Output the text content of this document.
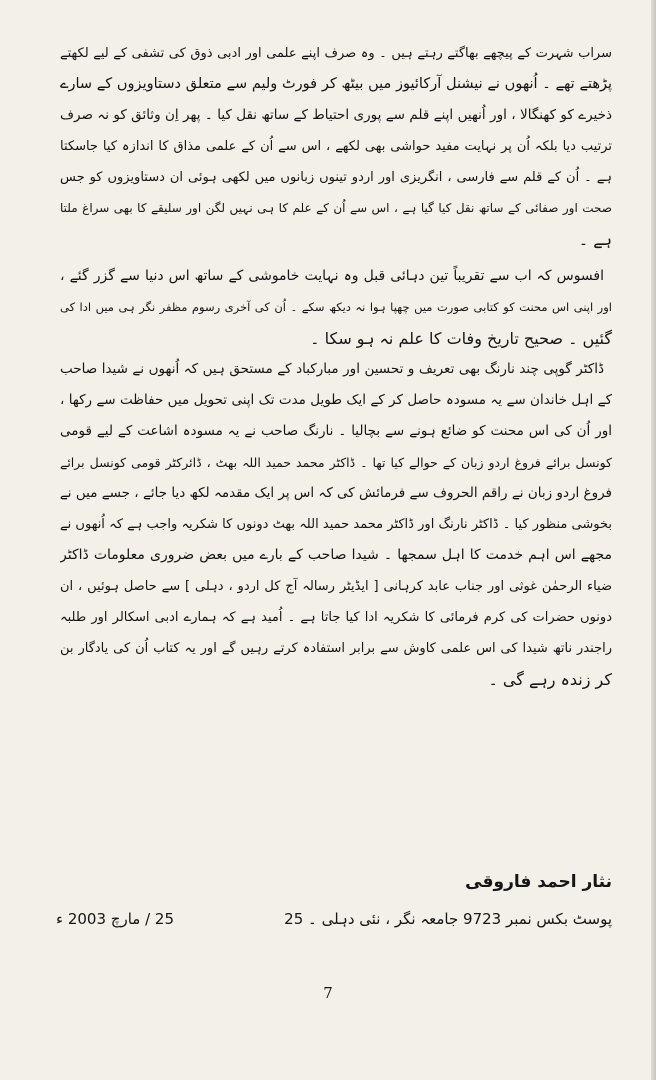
سراب شہرت کے پیچھے بھاگتے رہتے ہیں ۔ وہ صرف اپنے علمی اور ادبی ذوق کی تشفی کے لیے لکھتے
پڑھتے تھے ۔ اُنھوں نے نیشنل آرکائیوز میں بیٹھ کر فورٹ ولیم سے متعلق دستاویزوں کے سارے
ذخیرے کو کھنگالا ، اور اُنھیں اپنے قلم سے پوری احتیاط کے ساتھ نقل کیا ۔ پھر اِن وثائق کو نہ صرف
ترتیب دیا بلکہ اُن پر نہایت مفید حواشی بھی لکھے ، اس سے اُن کے علمی مذاق کا اندازہ کیا جاسکتا
ہے ۔ اُن کے قلم سے فارسی ، انگریزی اور اردو تینوں زبانوں میں لکھی ہوئی ان دستاویزوں کو جس
صحت اور صفائی کے ساتھ نقل کیا گیا ہے ، اس سے اُن کے علم کا ہی نہیں لگن اور سلیقے کا بھی سراغ ملتا
ہے ۔
افسوس کہ اب سے تقریباً تین دہائی قبل وہ نہایت خاموشی کے ساتھ اس دنیا سے گزر گئے ،
اور اپنی اس محنت کو کتابی صورت میں چھپا ہوا نہ دیکھ سکے ۔ اُن کی آخری رسوم مظفر نگر ہی میں ادا کی
گئیں ۔ صحیح تاریخ وفات کا علم نہ ہو سکا ۔
ڈاکٹر گوپی چند نارنگ بھی تعریف و تحسین اور مبارکباد کے مستحق ہیں کہ اُنھوں نے شیدا صاحب
کے اہل خاندان سے یہ مسودہ حاصل کر کے ایک طویل مدت تک اپنی تحویل میں حفاظت سے رکھا ،
اور اُن کی اس محنت کو ضائع ہونے سے بچالیا ۔ نارنگ صاحب نے یہ مسودہ اشاعت کے لیے قومی
کونسل برائے فروغ اردو زبان کے حوالے کیا تھا ۔ ڈاکٹر محمد حمید اللہ بھٹ ، ڈائرکٹر قومی کونسل برائے
فروغ اردو زبان نے راقم الحروف سے فرمائش کی کہ اس پر ایک مقدمہ لکھ دیا جائے ، جسے میں نے
بخوشی منظور کیا ۔ ڈاکٹر نارنگ اور ڈاکٹر محمد حمید اللہ بھٹ دونوں کا شکریہ واجب ہے کہ اُنھوں نے
مجھے اس اہم خدمت کا اہل سمجھا ۔ شیدا صاحب کے بارے میں بعض ضروری معلومات ڈاکٹر
ضیاء الرحمٰن غوثی اور جناب عابد کرہانی [ ایڈیٹر رسالہ آج کل اردو ، دہلی ] سے حاصل ہوئیں ، ان
دونوں حضرات کی کرم فرمائی کا شکریہ ادا کیا جاتا ہے ۔ اُمید ہے کہ ہمارے ادبی اسکالر اور طلبہ
راجندر ناتھ شیدا کی اس علمی کاوش سے برابر استفادہ کرتے رہیں گے اور یہ کتاب اُن کی یادگار بن
کر زندہ رہے گی ۔
نثار احمد فاروقی
پوسٹ بکس نمبر 9723 جامعہ نگر ، نئی دہلی ۔ 25
25 / مارچ 2003 ء
7
